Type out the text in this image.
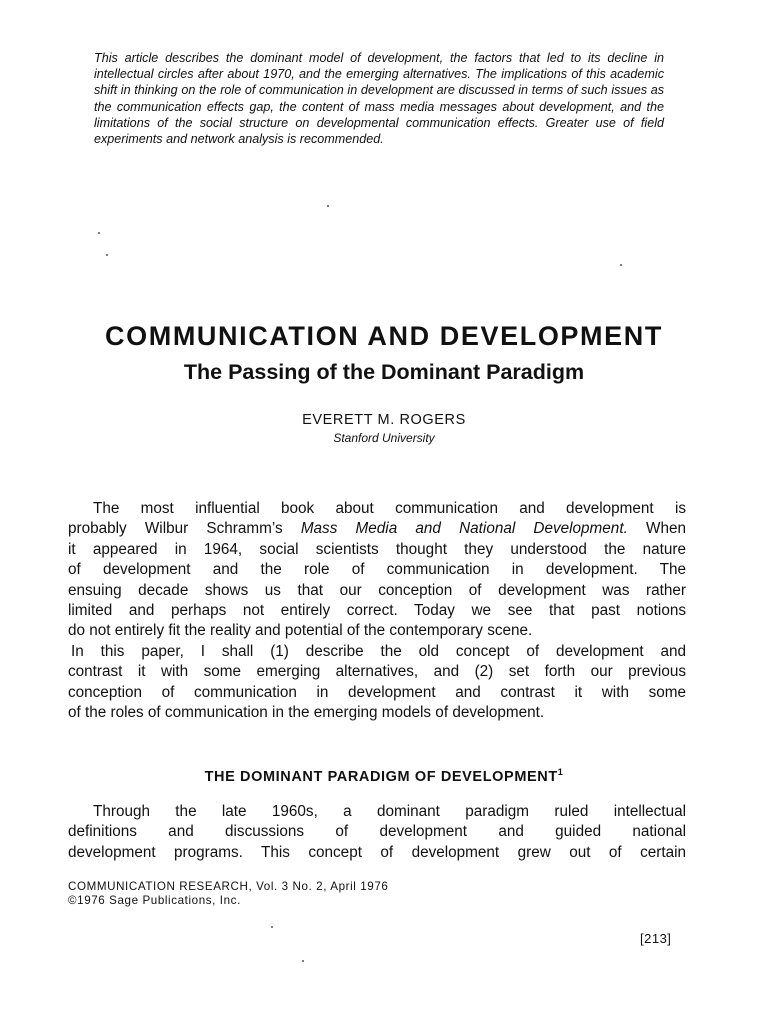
This article describes the dominant model of development, the factors that led to its decline in intellectual circles after about 1970, and the emerging alternatives. The implications of this academic shift in thinking on the role of communication in development are discussed in terms of such issues as the communication effects gap, the content of mass media messages about development, and the limitations of the social structure on developmental communication effects. Greater use of field experiments and network analysis is recommended.

COMMUNICATION AND DEVELOPMENT
The Passing of the Dominant Paradigm

EVERETT M. ROGERS

Stanford University

The most influential book about communication and development is
probably Wilbur Schramm’s Mass Media and National Development. When
it appeared in 1964, social scientists thought they understood the nature
of development and the role of communication in development. The
ensuing decade shows us that our conception of development was rather
limited and perhaps not entirely correct. Today we see that past notions
do not entirely fit the reality and potential of the contemporary scene.
In this paper, I shall (1) describe the old concept of development and
contrast it with some emerging alternatives, and (2) set forth our previous
conception of communication in development and contrast it with some
of the roles of communication in the emerging models of development.

THE DOMINANT PARADIGM OF DEVELOPMENT$^1$

Through the late 1960s, a dominant paradigm ruled intellectual
definitions and discussions of development and guided national
development programs. This concept of development grew out of certain
COMMUNICATION RESEARCH, Vol. 3 No. 2, April 1976
©1976 Sage Publications, Inc.

[213]
